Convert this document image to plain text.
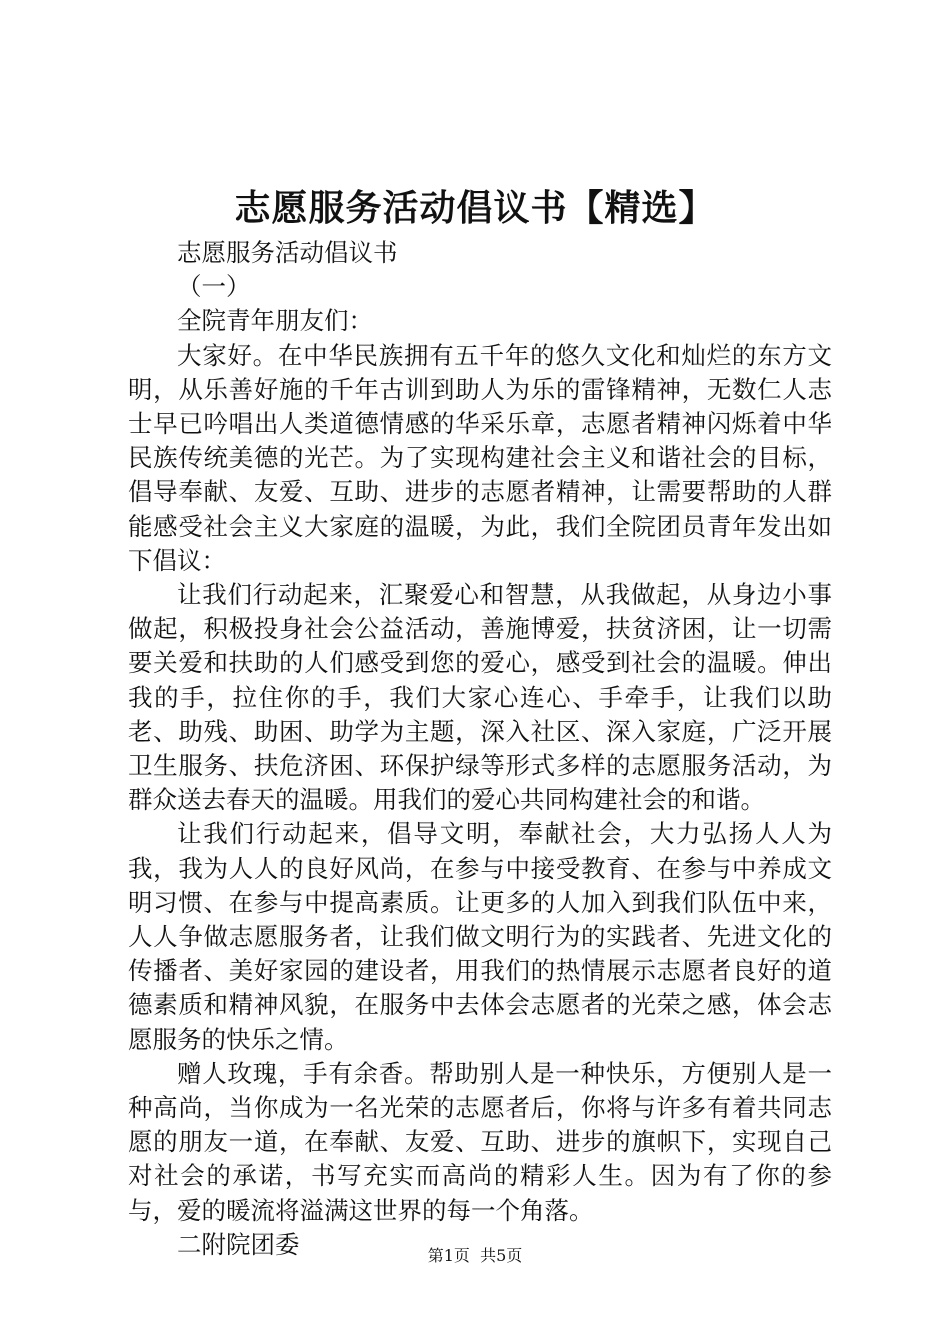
志愿服务活动倡议书【精选】

志愿服务活动倡议书

（一）

全院青年朋友们：

大家好。在中华民族拥有五千年的悠久文化和灿烂的东方文明，从乐善好施的千年古训到助人为乐的雷锋精神，无数仁人志士早已吟唱出人类道德情感的华采乐章，志愿者精神闪烁着中华民族传统美德的光芒。为了实现构建社会主义和谐社会的目标，倡导奉献、友爱、互助、进步的志愿者精神，让需要帮助的人群能感受社会主义大家庭的温暖，为此，我们全院团员青年发出如下倡议：

让我们行动起来，汇聚爱心和智慧，从我做起，从身边小事做起，积极投身社会公益活动，善施博爱，扶贫济困，让一切需要关爱和扶助的人们感受到您的爱心，感受到社会的温暖。伸出我的手，拉住你的手，我们大家心连心、手牵手，让我们以助老、助残、助困、助学为主题，深入社区、深入家庭，广泛开展卫生服务、扶危济困、环保护绿等形式多样的志愿服务活动，为群众送去春天的温暖。用我们的爱心共同构建社会的和谐。

让我们行动起来，倡导文明，奉献社会，大力弘扬人人为我，我为人人的良好风尚，在参与中接受教育、在参与中养成文明习惯、在参与中提高素质。让更多的人加入到我们队伍中来，人人争做志愿服务者，让我们做文明行为的实践者、先进文化的传播者、美好家园的建设者，用我们的热情展示志愿者良好的道德素质和精神风貌，在服务中去体会志愿者的光荣之感，体会志愿服务的快乐之情。

赠人玫瑰，手有余香。帮助别人是一种快乐，方便别人是一种高尚，当你成为一名光荣的志愿者后，你将与许多有着共同志愿的朋友一道，在奉献、友爱、互助、进步的旗帜下，实现自己对社会的承诺，书写充实而高尚的精彩人生。因为有了你的参与，爱的暖流将溢满这世界的每一个角落。

二附院团委	第1页 共5页
